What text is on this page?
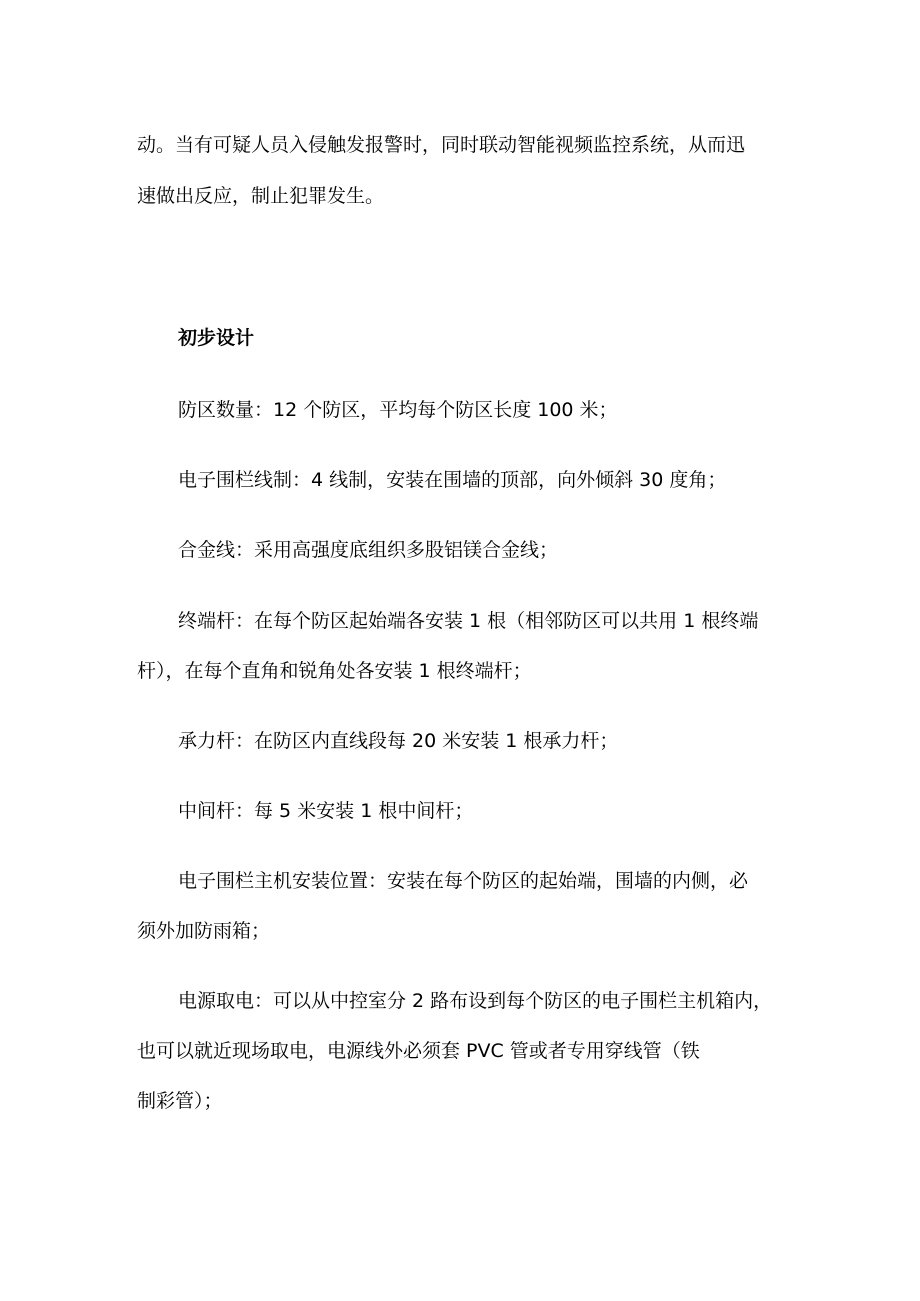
动。当有可疑人员入侵触发报警时，同时联动智能视频监控系统，从而迅
速做出反应，制止犯罪发生。
初步设计
防区数量：12 个防区，平均每个防区长度 100 米；
电子围栏线制：4 线制，安装在围墙的顶部，向外倾斜 30 度角；
合金线：采用高强度底组织多股铝镁合金线；
终端杆：在每个防区起始端各安装 1 根（相邻防区可以共用 1 根终端
杆），在每个直角和锐角处各安装 1 根终端杆；
承力杆：在防区内直线段每 20 米安装 1 根承力杆；
中间杆：每 5 米安装 1 根中间杆；
电子围栏主机安装位置：安装在每个防区的起始端，围墙的内侧，必
须外加防雨箱；
电源取电：可以从中控室分 2 路布设到每个防区的电子围栏主机箱内，
也可以就近现场取电，电源线外必须套 PVC 管或者专用穿线管（铁
制彩管）；
